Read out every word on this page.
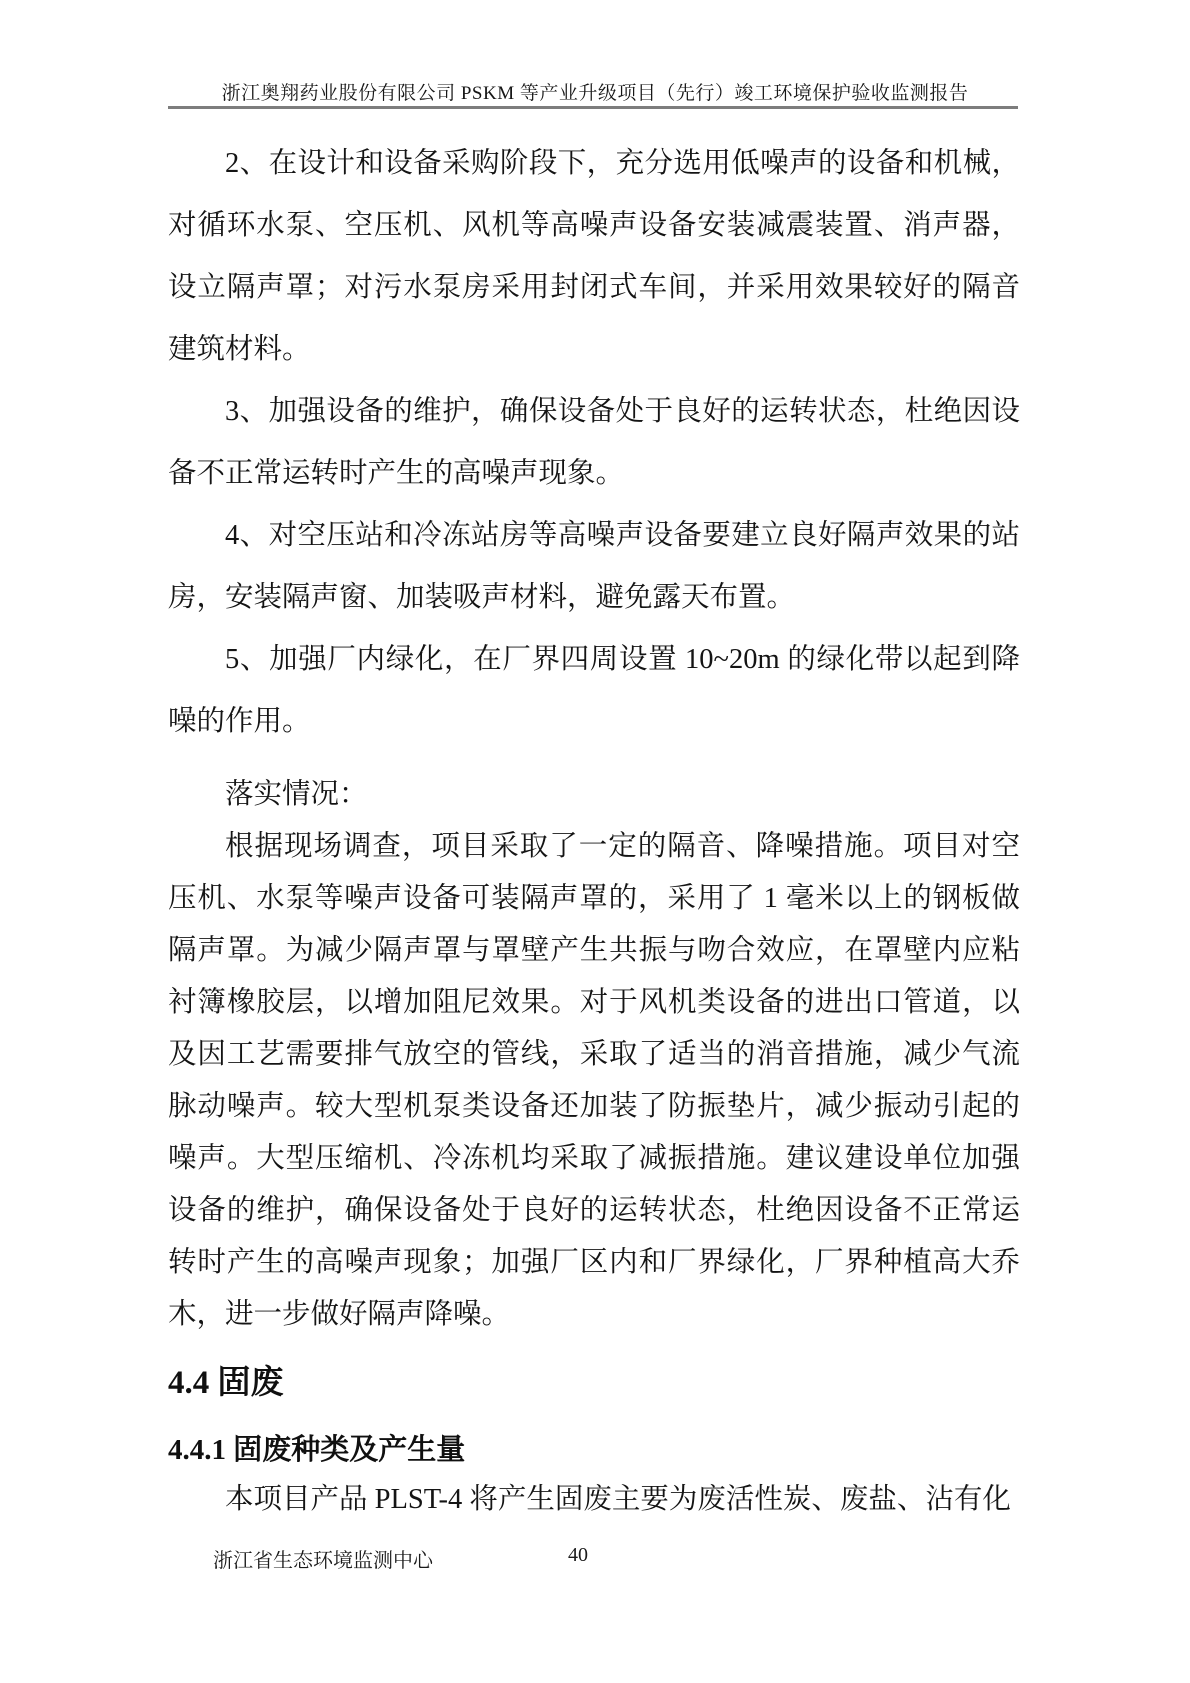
浙江奥翔药业股份有限公司 PSKM 等产业升级项目（先行）竣工环境保护验收监测报告

2、在设计和设备采购阶段下，充分选用低噪声的设备和机械，对循环水泵、空压机、风机等高噪声设备安装减震装置、消声器，设立隔声罩；对污水泵房采用封闭式车间，并采用效果较好的隔音建筑材料。

3、加强设备的维护，确保设备处于良好的运转状态，杜绝因设备不正常运转时产生的高噪声现象。

4、对空压站和冷冻站房等高噪声设备要建立良好隔声效果的站房，安装隔声窗、加装吸声材料，避免露天布置。

5、加强厂内绿化，在厂界四周设置 10~20m 的绿化带以起到降噪的作用。

落实情况：

根据现场调查，项目采取了一定的隔音、降噪措施。项目对空压机、水泵等噪声设备可装隔声罩的，采用了 1 毫米以上的钢板做隔声罩。为减少隔声罩与罩壁产生共振与吻合效应，在罩壁内应粘衬簿橡胶层，以增加阻尼效果。对于风机类设备的进出口管道，以及因工艺需要排气放空的管线，采取了适当的消音措施，减少气流脉动噪声。较大型机泵类设备还加装了防振垫片，减少振动引起的噪声。大型压缩机、冷冻机均采取了减振措施。建议建设单位加强设备的维护，确保设备处于良好的运转状态，杜绝因设备不正常运转时产生的高噪声现象；加强厂区内和厂界绿化，厂界种植高大乔木，进一步做好隔声降噪。

4.4 固废
4.4.1 固废种类及产生量
本项目产品 PLST-4 将产生固废主要为废活性炭、废盐、沾有化
浙江省生态环境监测中心	40
